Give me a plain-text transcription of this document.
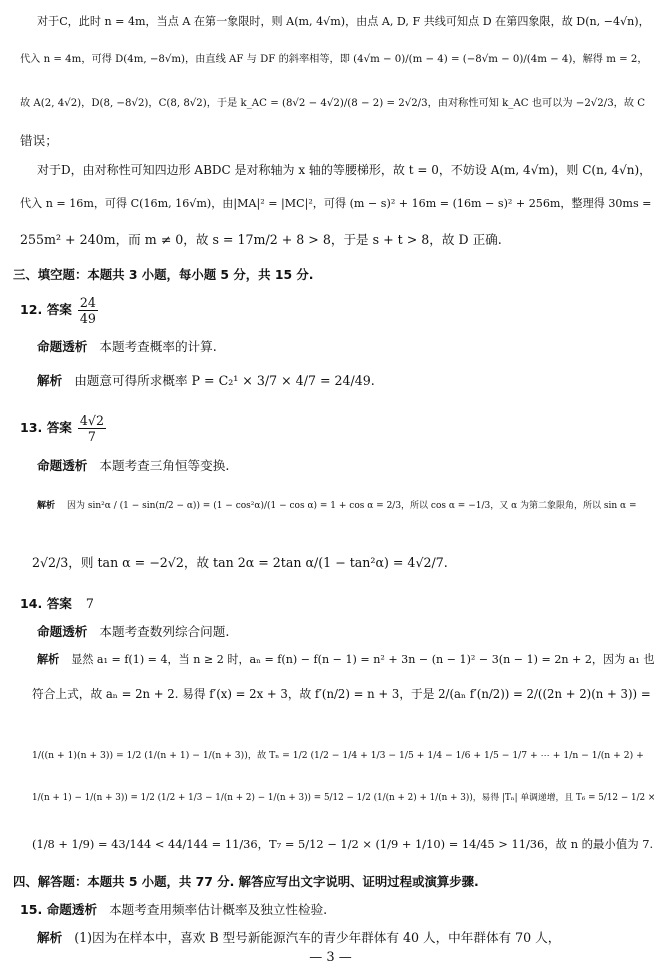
对于C，此时 n = 4m，当点 A 在第一象限时，则 A(m, 4√m)，由点 A, D, F 共线可知点 D 在第四象限，故 D(n, −4√n)，
代入 n = 4m，可得 D(4m, −8√m)，由直线 AF 与 DF 的斜率相等，即 (4√m − 0)/(m − 4) = (−8√m − 0)/(4m − 4)，解得 m = 2，
故 A(2, 4√2)，D(8, −8√2)，C(8, 8√2)，于是 k_AC = (8√2 − 4√2)/(8 − 2) = 2√2/3，由对称性可知 k_AC 也可以为 −2√2/3，故 C
错误；
对于D，由对称性可知四边形 ABDC 是对称轴为 x 轴的等腰梯形，故 t = 0，不妨设 A(m, 4√m)，则 C(n, 4√n)，
代入 n = 16m，可得 C(16m, 16√m)，由|MA|² = |MC|²，可得 (m − s)² + 16m = (16m − s)² + 256m，整理得 30ms =
255m² + 240m，而 m ≠ 0，故 s = 17m/2 + 8 > 8，于是 s + t > 8，故 D 正确.
三、填空题：本题共 3 小题，每小题 5 分，共 15 分.
12. 答案 $\frac{24}{49}$
命题透析 本题考查概率的计算.
解析 由题意可得所求概率 P = C₂¹ × 3/7 × 4/7 = 24/49.
13. 答案 $\frac{4√2}{7}$
命题透析 本题考查三角恒等变换.
解析 因为 sin²α / (1 − sin(π/2 − α)) = (1 − cos²α)/(1 − cos α) = 1 + cos α = 2/3，所以 cos α = −1/3，又 α 为第二象限角，所以 sin α =
2√2/3，则 tan α = −2√2，故 tan 2α = 2tan α/(1 − tan²α) = 4√2/7.
14. 答案 7
命题透析 本题考查数列综合问题.
解析 显然 a₁ = f(1) = 4，当 n ≥ 2 时，aₙ = f(n) − f(n − 1) = n² + 3n − (n − 1)² − 3(n − 1) = 2n + 2，因为 a₁ 也
符合上式，故 aₙ = 2n + 2. 易得 f′(x) = 2x + 3，故 f′(n/2) = n + 3，于是 2/(aₙ f′(n/2)) = 2/((2n + 2)(n + 3)) =
1/((n + 1)(n + 3)) = 1/2 (1/(n + 1) − 1/(n + 3))，故 Tₙ = 1/2 (1/2 − 1/4 + 1/3 − 1/5 + 1/4 − 1/6 + 1/5 − 1/7 + ⋯ + 1/n − 1/(n + 2) +
1/(n + 1) − 1/(n + 3)) = 1/2 (1/2 + 1/3 − 1/(n + 2) − 1/(n + 3)) = 5/12 − 1/2 (1/(n + 2) + 1/(n + 3))，易得 |Tₙ| 单调递增，且 T₆ = 5/12 − 1/2 ×
(1/8 + 1/9) = 43/144 < 44/144 = 11/36，T₇ = 5/12 − 1/2 × (1/9 + 1/10) = 14/45 > 11/36，故 n 的最小值为 7.
四、解答题：本题共 5 小题，共 77 分. 解答应写出文字说明、证明过程或演算步骤.
15. 命题透析 本题考查用频率估计概率及独立性检验.
解析 (1)因为在样本中，喜欢 B 型号新能源汽车的青少年群体有 40 人，中年群体有 70 人，
— 3 —
